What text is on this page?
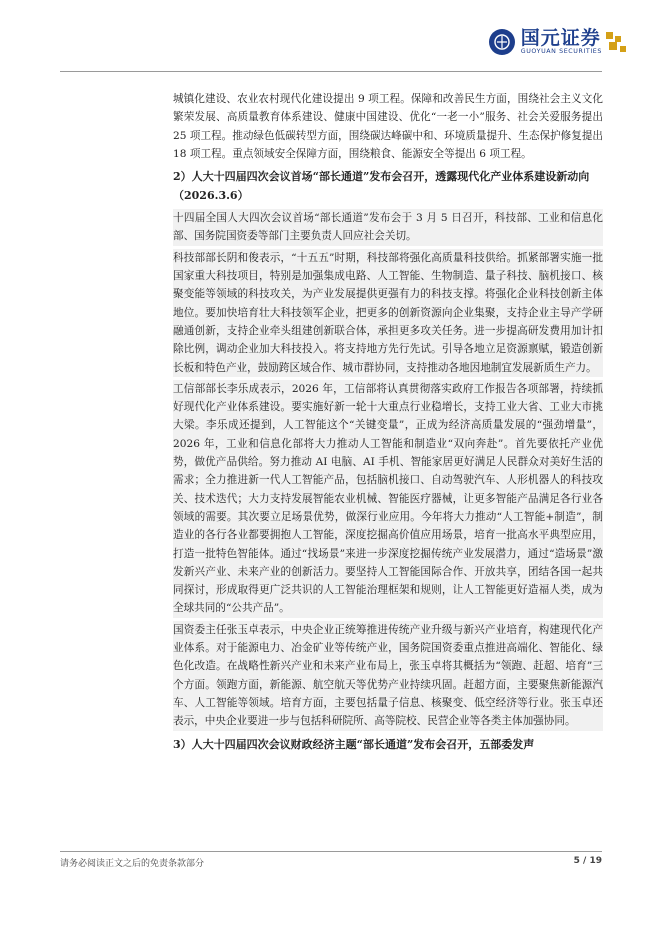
国元证券
GUOYUAN SECURITIES

城镇化建设、农业农村现代化建设提出 9 项工程。保障和改善民生方面，围绕社会主义文化繁荣发展、高质量教育体系建设、健康中国建设、优化“一老一小”服务、社会关爱服务提出 25 项工程。推动绿色低碳转型方面，围绕碳达峰碳中和、环境质量提升、生态保护修复提出 18 项工程。重点领域安全保障方面，围绕粮食、能源安全等提出 6 项工程。

2）人大十四届四次会议首场“部长通道”发布会召开，透露现代化产业体系建设新动向（2026.3.6）

十四届全国人大四次会议首场“部长通道”发布会于 3 月 5 日召开，科技部、工业和信息化部、国务院国资委等部门主要负责人回应社会关切。

科技部部长阴和俊表示，“十五五”时期，科技部将强化高质量科技供给。抓紧部署实施一批国家重大科技项目，特别是加强集成电路、人工智能、生物制造、量子科技、脑机接口、核聚变能等领域的科技攻关，为产业发展提供更强有力的科技支撑。将强化企业科技创新主体地位。要加快培育壮大科技领军企业，把更多的创新资源向企业集聚，支持企业主导产学研融通创新，支持企业牵头组建创新联合体，承担更多攻关任务。进一步提高研发费用加计扣除比例，调动企业加大科技投入。将支持地方先行先试。引导各地立足资源禀赋，锻造创新长板和特色产业，鼓励跨区域合作、城市群协同，支持推动各地因地制宜发展新质生产力。

工信部部长李乐成表示，2026 年，工信部将认真贯彻落实政府工作报告各项部署，持续抓好现代化产业体系建设。要实施好新一轮十大重点行业稳增长，支持工业大省、工业大市挑大梁。李乐成还提到，人工智能这个“关键变量”，正成为经济高质量发展的“强劲增量”，2026 年，工业和信息化部将大力推动人工智能和制造业“双向奔赴”。首先要依托产业优势，做优产品供给。努力推动 AI 电脑、AI 手机、智能家居更好满足人民群众对美好生活的需求；全力推进新一代人工智能产品，包括脑机接口、自动驾驶汽车、人形机器人的科技攻关、技术迭代；大力支持发展智能农业机械、智能医疗器械，让更多智能产品满足各行业各领域的需要。其次要立足场景优势，做深行业应用。今年将大力推动“人工智能+制造”，制造业的各行各业都要拥抱人工智能，深度挖掘高价值应用场景，培育一批高水平典型应用，打造一批特色智能体。通过“找场景”来进一步深度挖掘传统产业发展潜力，通过“造场景”激发新兴产业、未来产业的创新活力。要坚持人工智能国际合作、开放共享，团结各国一起共同探讨，形成取得更广泛共识的人工智能治理框架和规则，让人工智能更好造福人类，成为全球共同的“公共产品”。

国资委主任张玉卓表示，中央企业正统筹推进传统产业升级与新兴产业培育，构建现代化产业体系。对于能源电力、冶金矿业等传统产业，国务院国资委重点推进高端化、智能化、绿色化改造。在战略性新兴产业和未来产业布局上，张玉卓将其概括为“领跑、赶超、培育”三个方面。领跑方面，新能源、航空航天等优势产业持续巩固。赶超方面，主要聚焦新能源汽车、人工智能等领域。培育方面，主要包括量子信息、核聚变、低空经济等行业。张玉卓还表示，中央企业要进一步与包括科研院所、高等院校、民营企业等各类主体加强协同。

3）人大十四届四次会议财政经济主题“部长通道”发布会召开，五部委发声
请务必阅读正文之后的免责条款部分	5 / 19
